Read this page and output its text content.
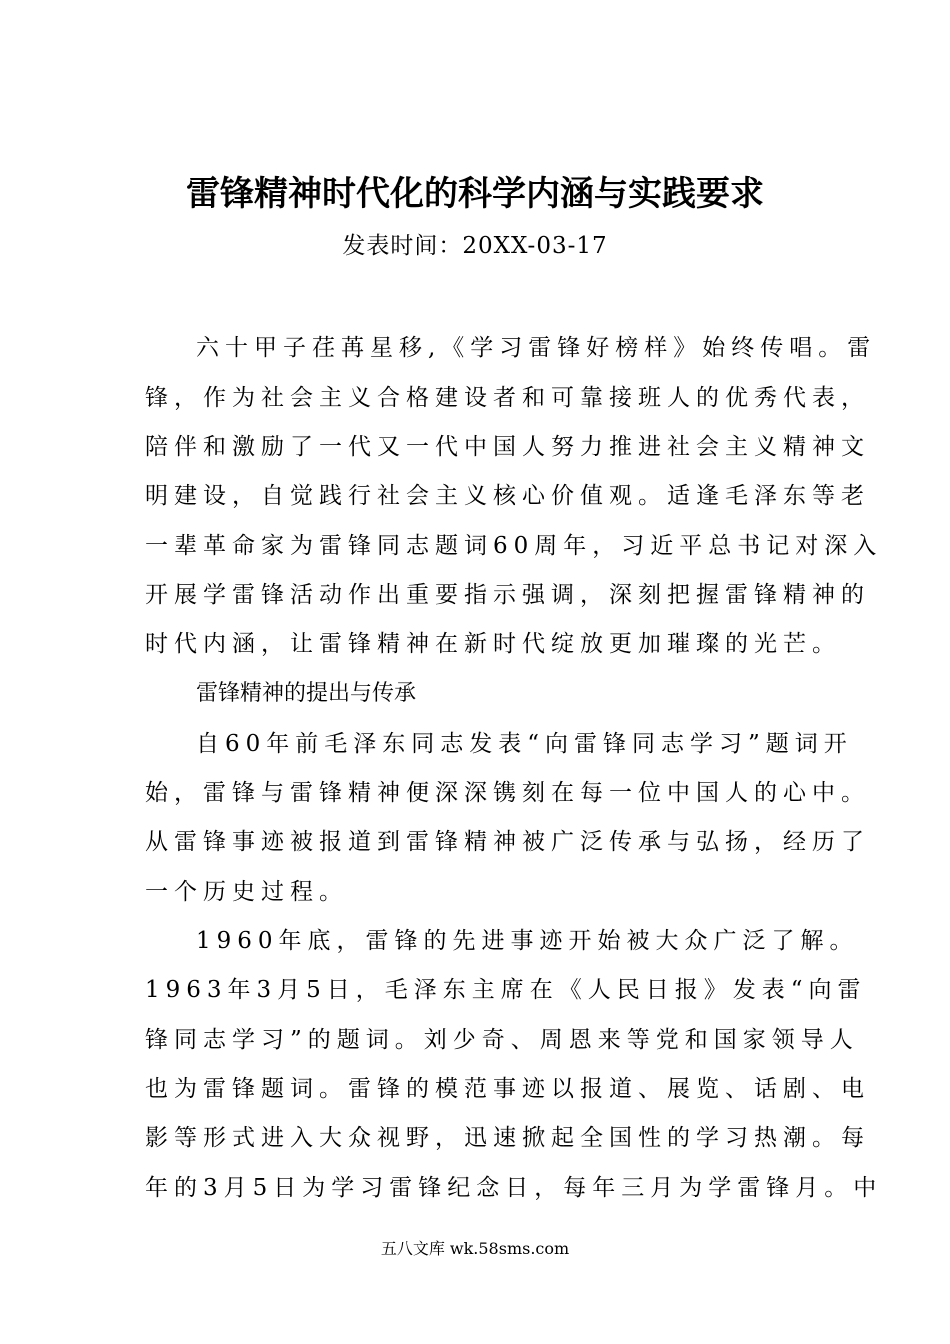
雷锋精神时代化的科学内涵与实践要求
发表时间：20XX-03-17
六十甲子荏苒星移,《学习雷锋好榜样》始终传唱。雷
锋，作为社会主义合格建设者和可靠接班人的优秀代表，
陪伴和激励了一代又一代中国人努力推进社会主义精神文
明建设，自觉践行社会主义核心价值观。适逢毛泽东等老
一辈革命家为雷锋同志题词60周年，习近平总书记对深入
开展学雷锋活动作出重要指示强调，深刻把握雷锋精神的
时代内涵，让雷锋精神在新时代绽放更加璀璨的光芒。
雷锋精神的提出与传承
自60年前毛泽东同志发表“向雷锋同志学习”题词开
始，雷锋与雷锋精神便深深镌刻在每一位中国人的心中。
从雷锋事迹被报道到雷锋精神被广泛传承与弘扬，经历了
一个历史过程。
1960年底，雷锋的先进事迹开始被大众广泛了解。
1963年3月5日，毛泽东主席在《人民日报》发表“向雷
锋同志学习”的题词。刘少奇、周恩来等党和国家领导人
也为雷锋题词。雷锋的模范事迹以报道、展览、话剧、电
影等形式进入大众视野，迅速掀起全国性的学习热潮。每
年的3月5日为学习雷锋纪念日，每年三月为学雷锋月。中
五八文库 wk.58sms.com
